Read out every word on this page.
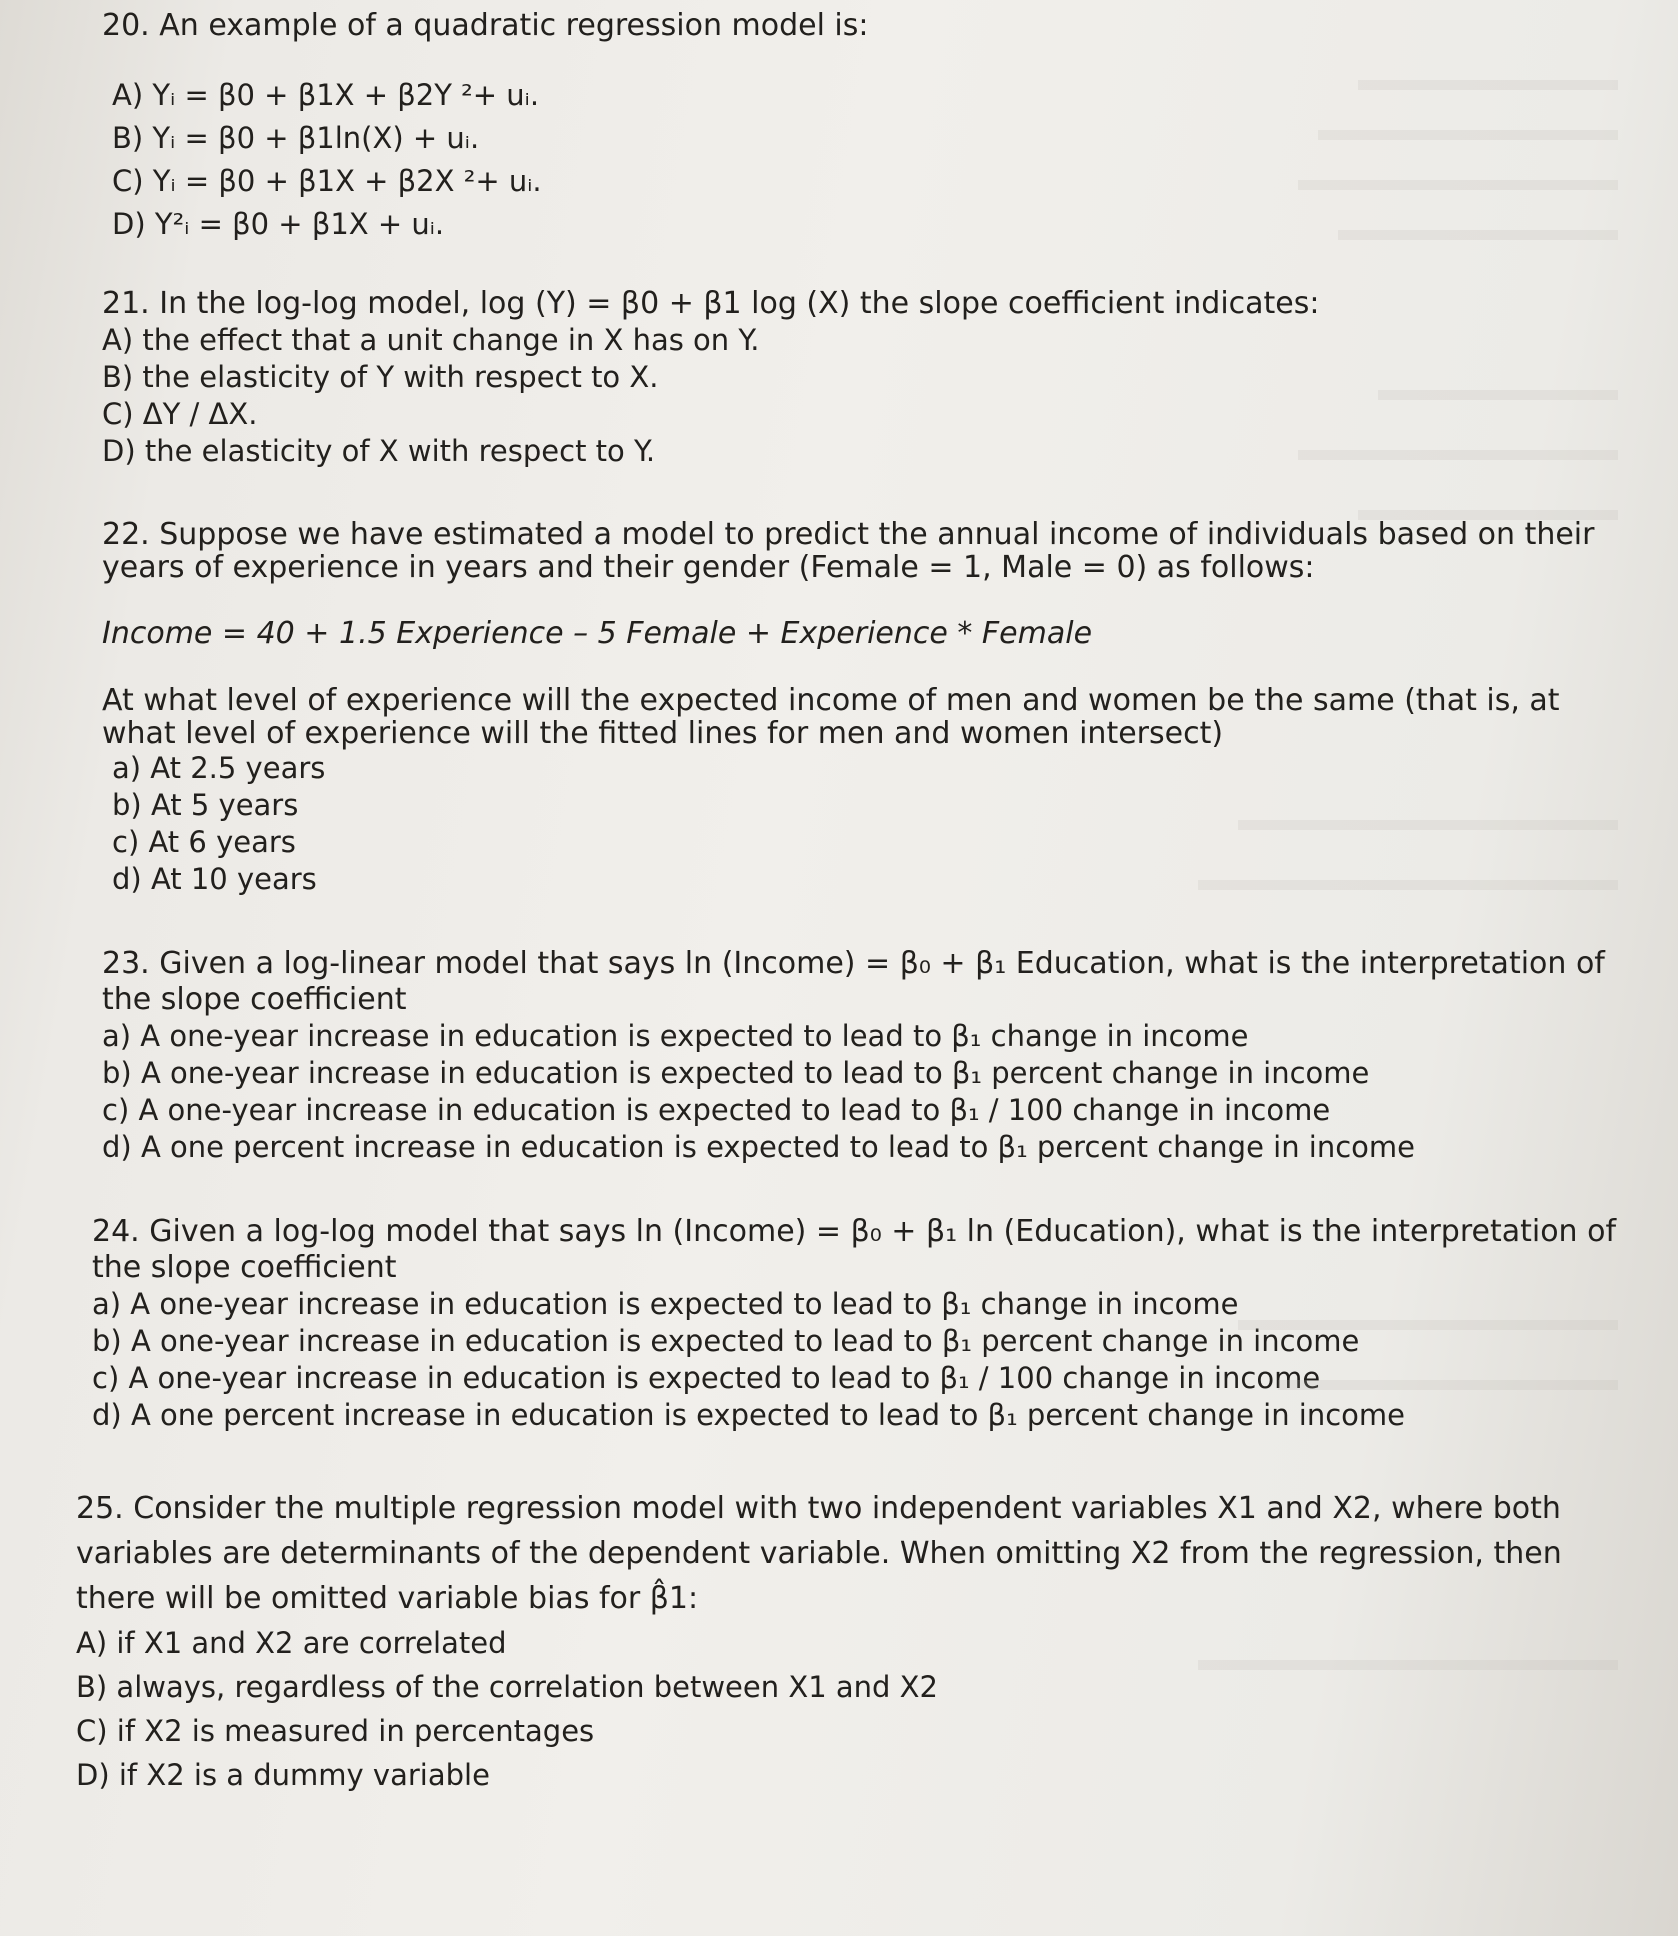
20. An example of a quadratic regression model is:

A) Yᵢ = β0 + β1X + β2Y ²+ uᵢ.

B) Yᵢ = β0 + β1ln(X) + uᵢ.

C) Yᵢ = β0 + β1X + β2X ²+ uᵢ.

D) Y²ᵢ = β0 + β1X + uᵢ.

21. In the log-log model, log (Y) = β0 + β1 log (X) the slope coefficient indicates:

A) the effect that a unit change in X has on Y.

B) the elasticity of Y with respect to X.

C) ΔY / ΔX.

D) the elasticity of X with respect to Y.

22. Suppose we have estimated a model to predict the annual income of individuals based on their years of experience in years and their gender (Female = 1, Male = 0) as follows:

Income = 40 + 1.5 Experience – 5 Female + Experience * Female

At what level of experience will the expected income of men and women be the same (that is, at what level of experience will the fitted lines for men and women intersect)

a) At 2.5 years

b) At 5 years

c) At 6 years

d) At 10 years

23. Given a log-linear model that says ln (Income) = β₀ + β₁ Education, what is the interpretation of the slope coefficient

a) A one-year increase in education is expected to lead to β₁ change in income

b) A one-year increase in education is expected to lead to β₁ percent change in income

c) A one-year increase in education is expected to lead to β₁ / 100 change in income

d) A one percent increase in education is expected to lead to β₁ percent change in income

24. Given a log-log model that says ln (Income) = β₀ + β₁ ln (Education), what is the interpretation of the slope coefficient

a) A one-year increase in education is expected to lead to β₁ change in income

b) A one-year increase in education is expected to lead to β₁ percent change in income

c) A one-year increase in education is expected to lead to β₁ / 100 change in income

d) A one percent increase in education is expected to lead to β₁ percent change in income

25. Consider the multiple regression model with two independent variables X1 and X2, where both variables are determinants of the dependent variable. When omitting X2 from the regression, then there will be omitted variable bias for β̂1:

A) if X1 and X2 are correlated

B) always, regardless of the correlation between X1 and X2

C) if X2 is measured in percentages

D) if X2 is a dummy variable
